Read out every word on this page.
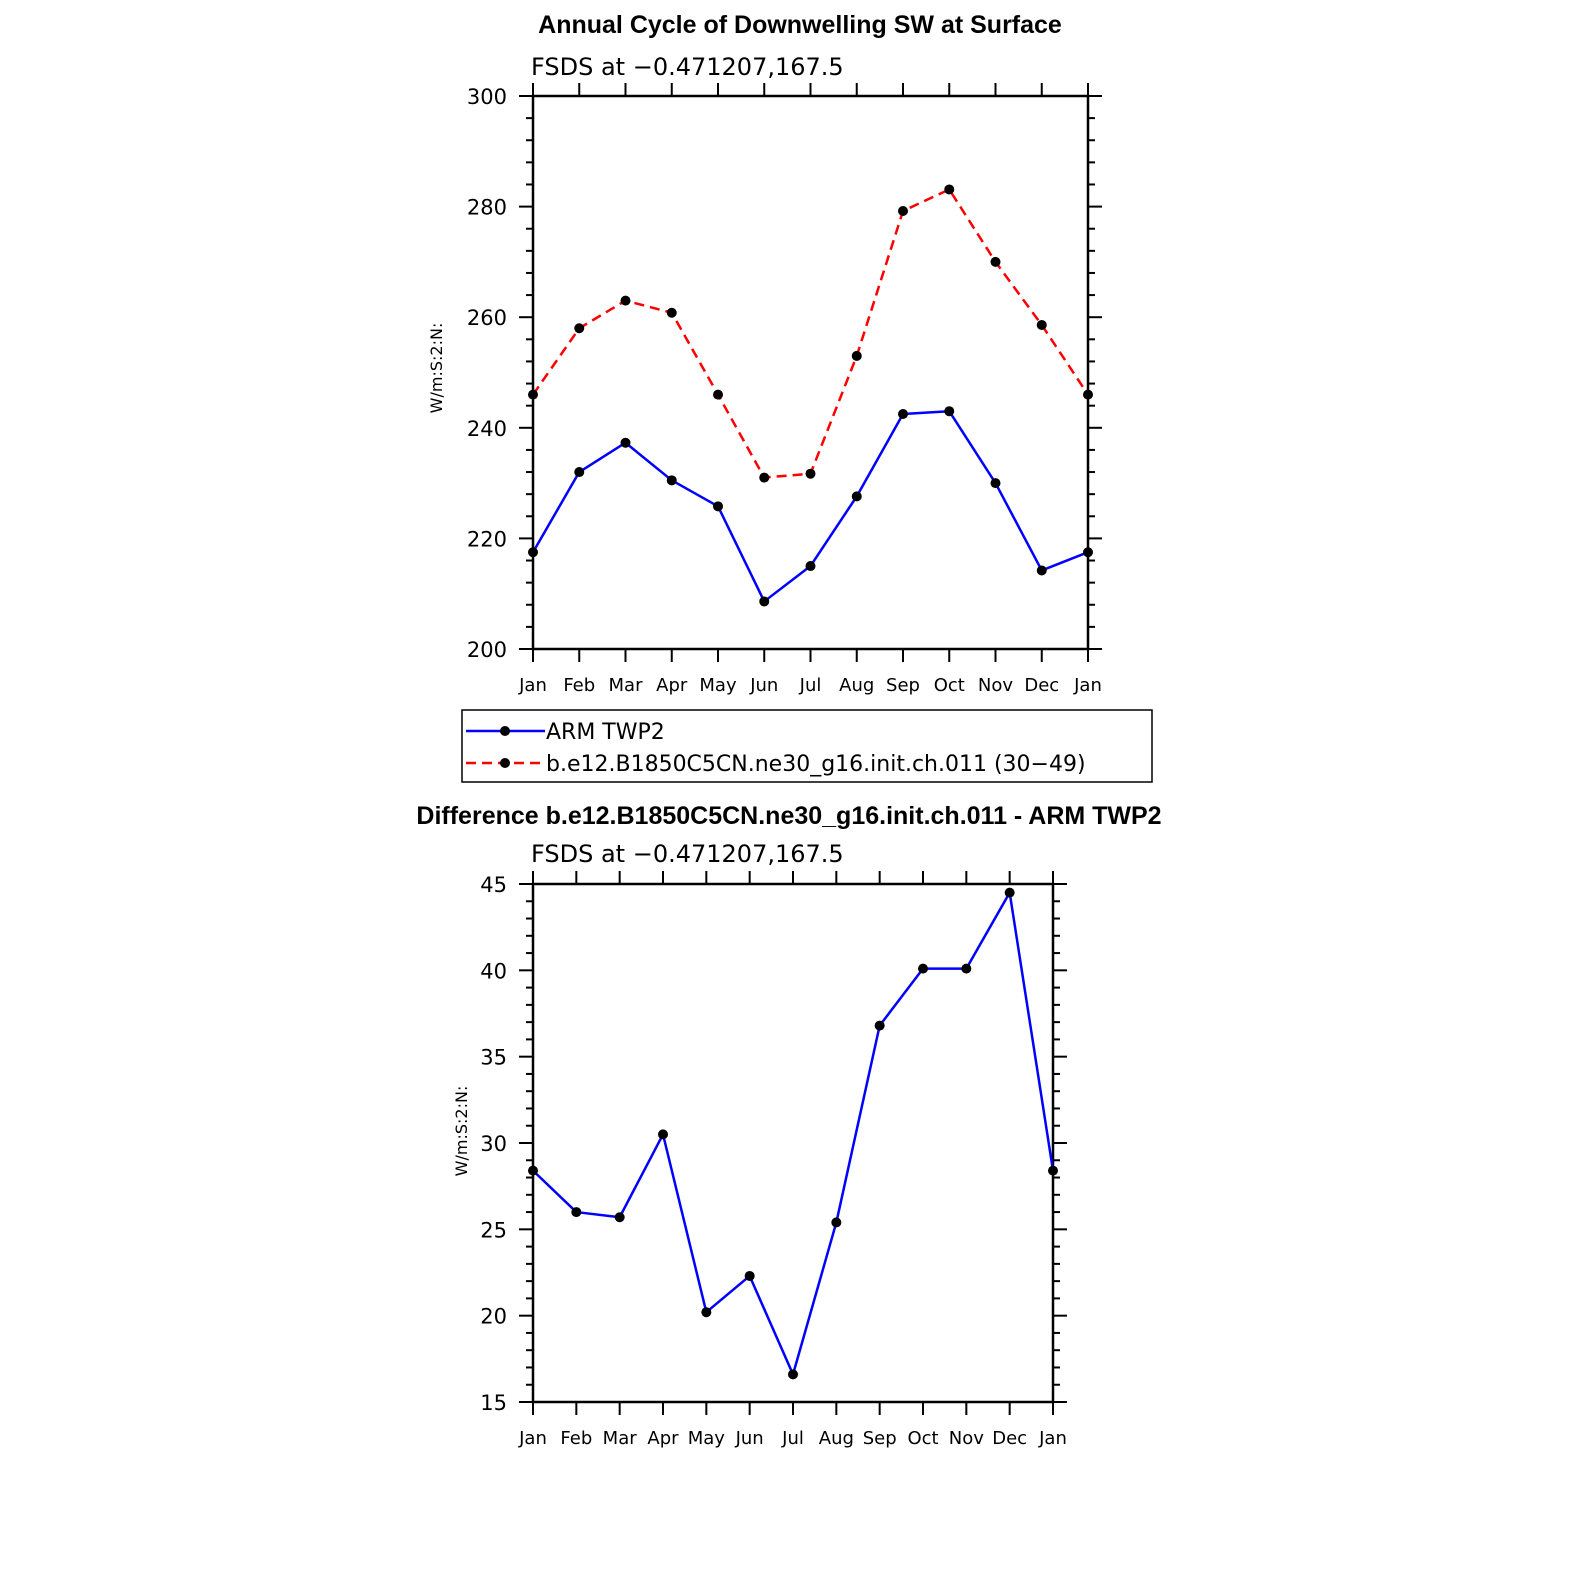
Annual Cycle of Downwelling SW at Surface
FSDS at −0.471207,167.5
W/m:S:2:N:
200
220
240
260
280
300
Jan Feb Mar Apr May Jun Jul Aug Sep Oct Nov Dec Jan
ARM TWP2
b.e12.B1850C5CN.ne30_g16.init.ch.011 (30−49)
Difference b.e12.B1850C5CN.ne30_g16.init.ch.011 - ARM TWP2
FSDS at −0.471207,167.5
W/m:S:2:N:
15
20
25
30
35
40
45
Jan Feb Mar Apr May Jun Jul Aug Sep Oct Nov Dec Jan
